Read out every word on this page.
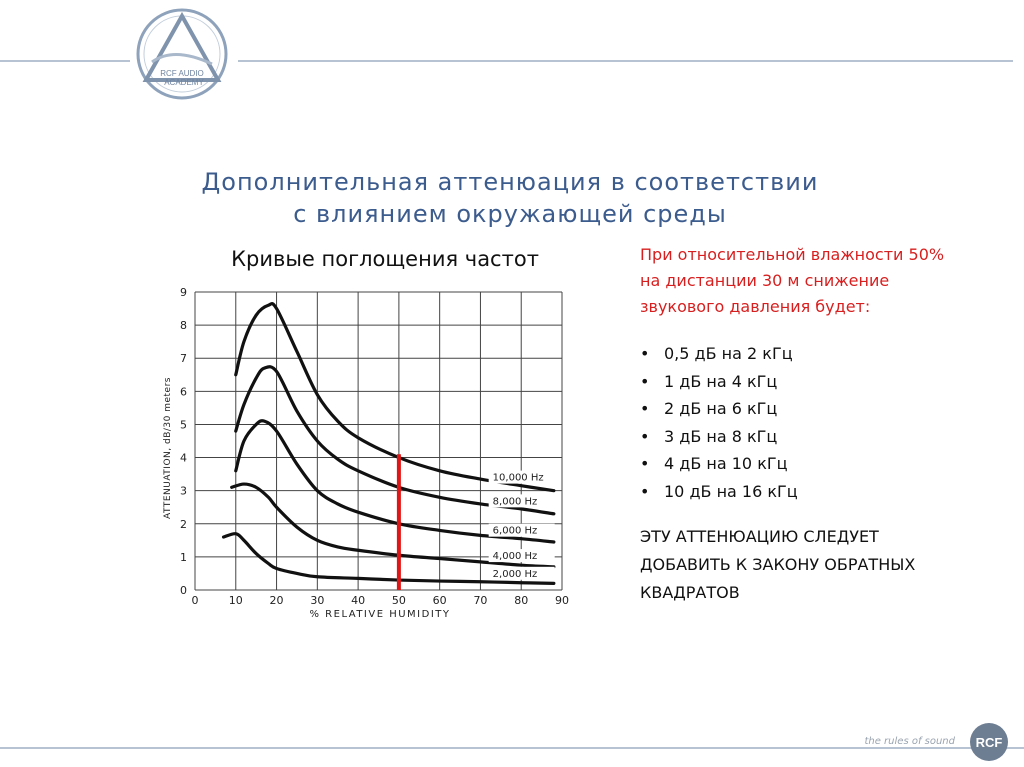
RCF AUDIO
ACADEMY
Дополнительная аттенюация в соответствии
с влиянием окружающей среды
Кривые поглощения частот
10,000 Hz
8,000 Hz
6,000 Hz
4,000 Hz
2,000 Hz
0	10 20 30 40 50 60 70 80 90
0
1
2
3
4
5
6
7
8
9
% RELATIVE HUMIDITY
ATTENUATION, dB/30 meters
При относительной влажности 50%
на дистанции 30 м снижение
звукового давления будет:
• 0,5 дБ на 2 кГц
• 1 дБ на 4 кГц
• 2 дБ на 6 кГц
• 3 дБ на 8 кГц
• 4 дБ на 10 кГц
• 10 дБ на 16 кГц
ЭТУ АТТЕНЮАЦИЮ СЛЕДУЕТ ДОБАВИТЬ К ЗАКОНУ ОБРАТНЫХ КВАДРАТОВ
the rules of sound	RCF
